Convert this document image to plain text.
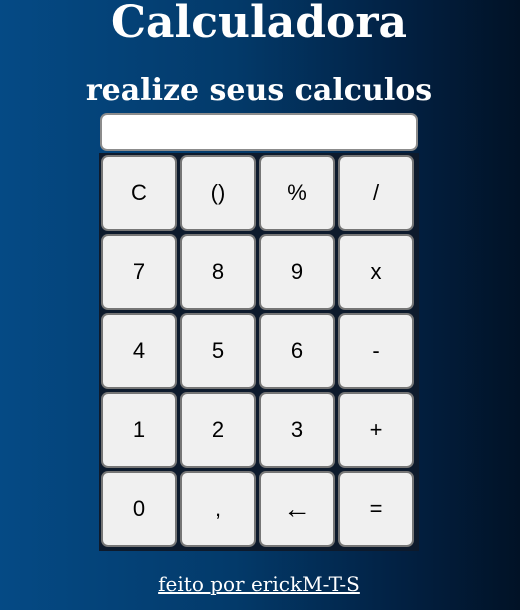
Calculadora
realize seus calculos
C	()	%	/
7	8	9	x
4	5	6	-
1	2	3	+
0	,	←	=
feito por erickM-T-S
